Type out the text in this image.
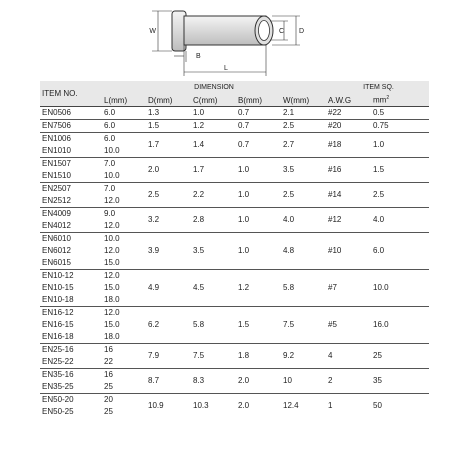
W	C D
B
L
ITEM NO.	DIMENSION					ITEM SQ.	
	L(mm)	D(mm)	C(mm)	B(mm)	W(mm)	A.W.G	$mm^2$
EN0506	6.0	1.3	1.0	0.7	2.1	#22	0.5
EN7506	6.0	1.5	1.2	0.7	2.5	#20	0.75
EN1006	6.0	1.7	1.4	0.7	2.7	#18	1.0
EN1010	10.0						
EN1507	7.0	2.0	1.7	1.0	3.5	#16	1.5
EN1510	10.0						
EN2507	7.0	2.5	2.2	1.0	2.5	#14	2.5
EN2512	12.0						
EN4009	9.0	3.2	2.8	1.0	4.0	#12	4.0
EN4012	12.0						
EN6010	10.0	3.9	3.5	1.0	4.8	#10	6.0
EN6012	12.0						
EN6015	15.0						
EN10-12	12.0	4.9	4.5	1.2	5.8	#7	10.0
EN10-15	15.0						
EN10-18	18.0						
EN16-12	12.0	6.2	5.8	1.5	7.5	#5	16.0
EN16-15	15.0						
EN16-18	18.0						
EN25-16	16	7.9	7.5	1.8	9.2	4	25
EN25-22	22						
EN35-16	16	8.7	8.3	2.0	10	2	35
EN35-25	25						
EN50-20	20	10.9	10.3	2.0	12.4	1	50
EN50-25	25						
